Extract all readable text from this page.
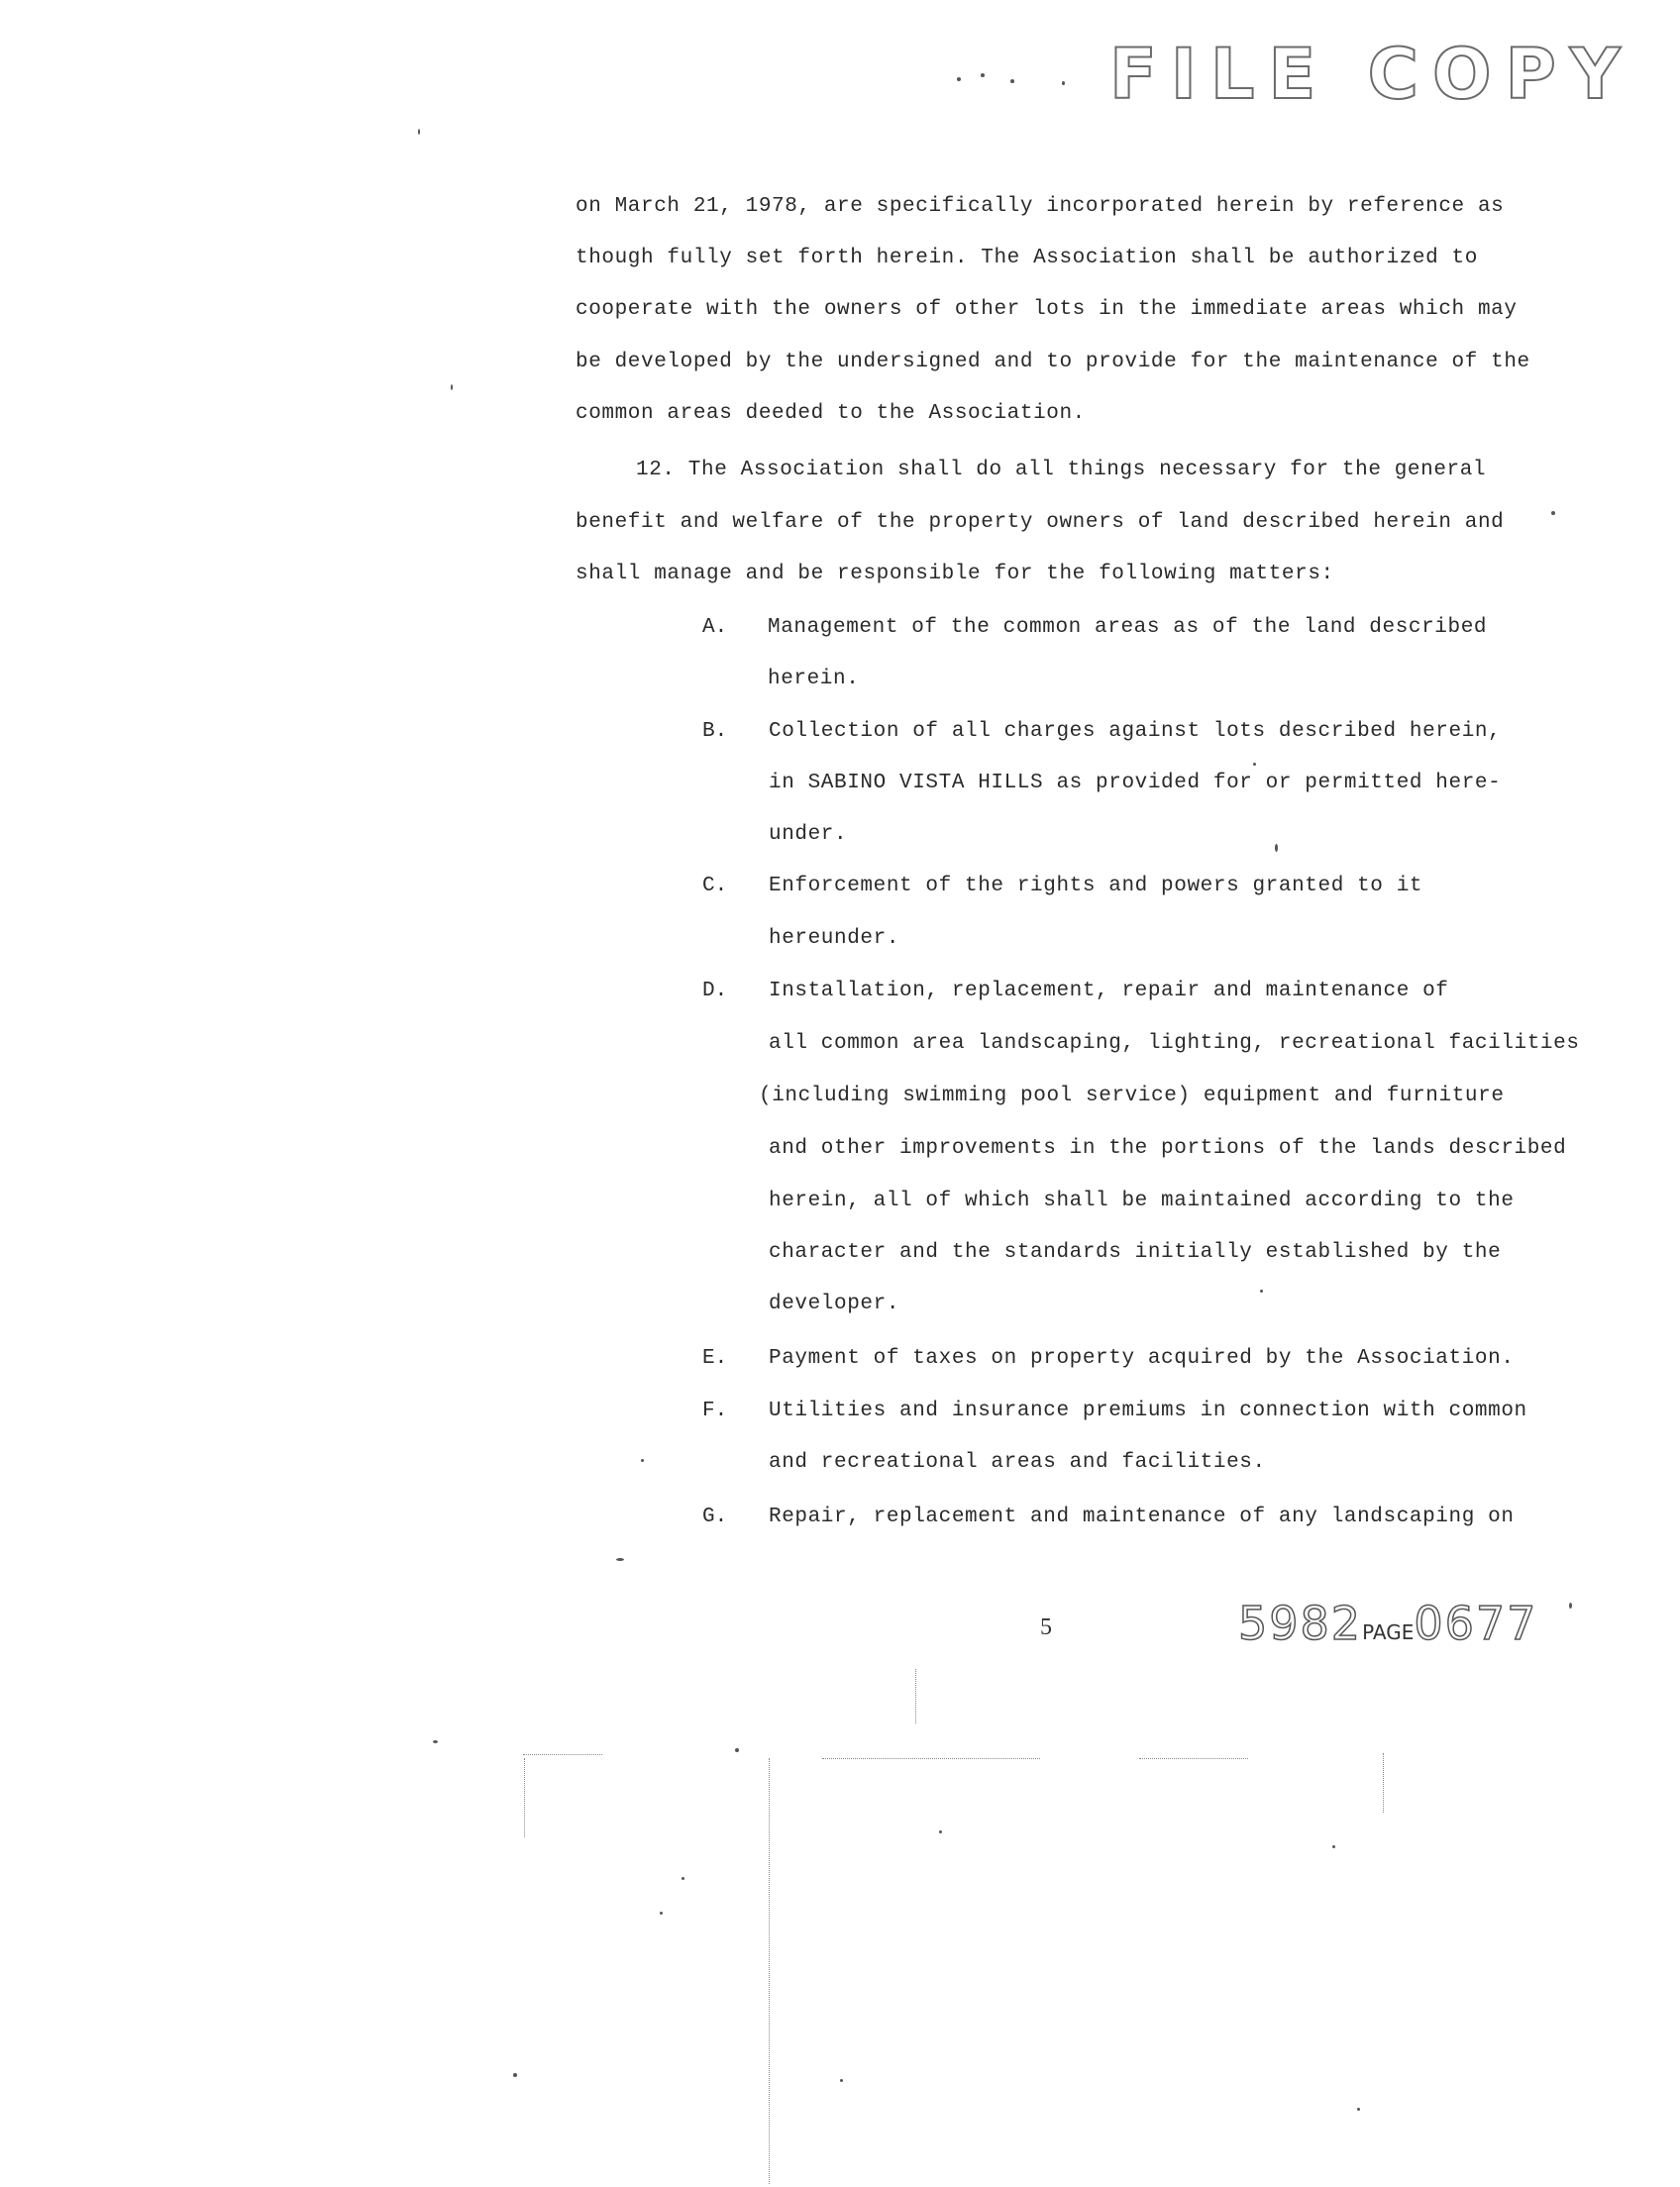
FILE COPY
on March 21, 1978, are specifically incorporated herein by reference as
though fully set forth herein. The Association shall be authorized to
cooperate with the owners of other lots in the immediate areas which may
be developed by the undersigned and to provide for the maintenance of the
common areas deeded to the Association.
12. The Association shall do all things necessary for the general
benefit and welfare of the property owners of land described herein and
shall manage and be responsible for the following matters:
A. Management of the common areas as of the land described
herein.
B. Collection of all charges against lots described herein,
in SABINO VISTA HILLS as provided for or permitted here-
under.
C. Enforcement of the rights and powers granted to it
hereunder.
D. Installation, replacement, repair and maintenance of
all common area landscaping, lighting, recreational facilities
(including swimming pool service) equipment and furniture
and other improvements in the portions of the lands described
herein, all of which shall be maintained according to the
character and the standards initially established by the
developer.
E. Payment of taxes on property acquired by the Association.
F. Utilities and insurance premiums in connection with common
and recreational areas and facilities.
G. Repair, replacement and maintenance of any landscaping on
5	5982PAGE0677
